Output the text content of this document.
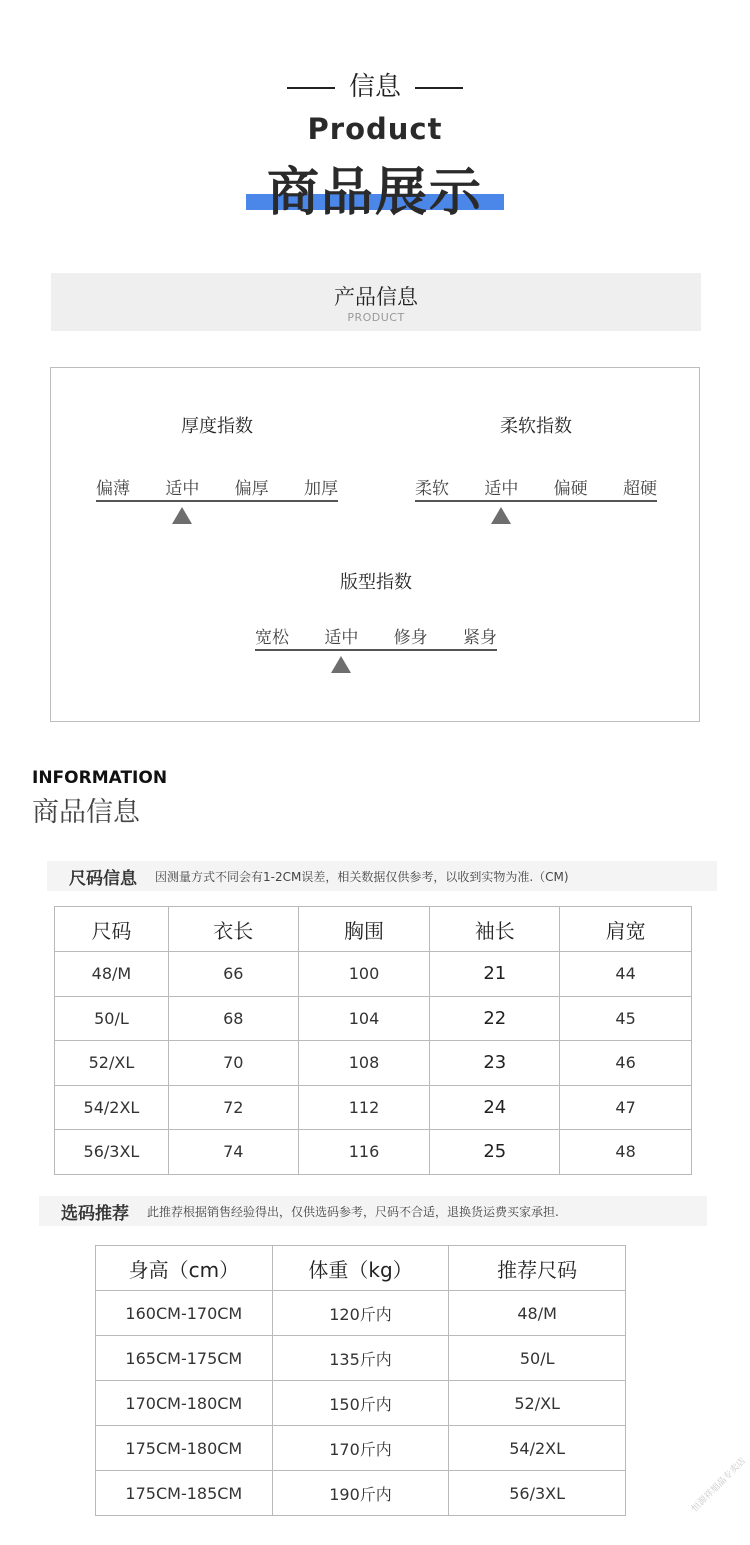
信息
Product
商品展示
产品信息
PRODUCT
厚度指数
偏薄 适中 偏厚 加厚
柔软指数
柔软 适中 偏硬 超硬
版型指数
宽松 适中 修身 紧身
INFORMATION
商品信息
尺码信息 因测量方式不同会有1-2CM误差，相关数据仅供参考，以收到实物为准.（CM)
尺码	衣长	胸围	袖长	肩宽
48/M	66	100	21	44
50/L	68	104	22	45
52/XL	70	108	23	46
54/2XL	72	112	24	47
56/3XL	74	116	25	48
选码推荐 此推荐根据销售经验得出，仅供选码参考，尺码不合适，退换货运费买家承担.
身高（cm）	体重（kg）	推荐尺码
160CM-170CM	120斤内	48/M
165CM-175CM	135斤内	50/L
170CM-180CM	150斤内	52/XL
175CM-180CM	170斤内	54/2XL
175CM-185CM	190斤内	56/3XL	恒源祥旭晶专卖店
